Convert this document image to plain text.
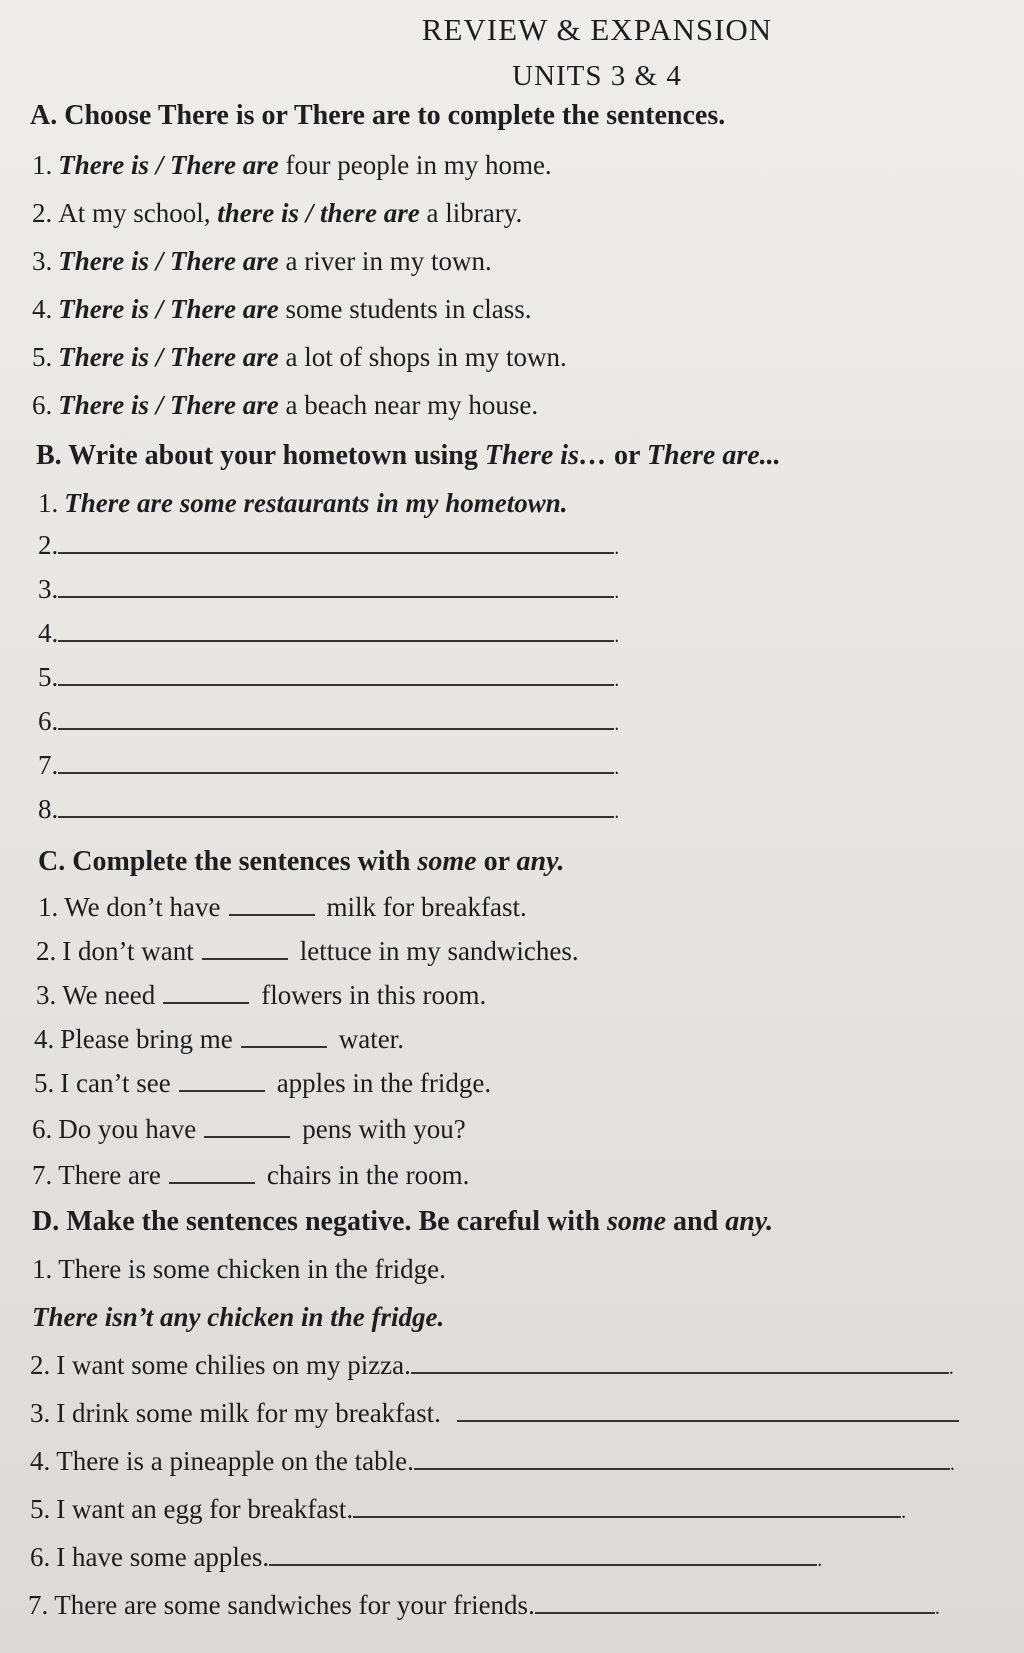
REVIEW & EXPANSION
UNITS 3 & 4
A. Choose There is or There are to complete the sentences.
1. There is / There are four people in my home.
2. At my school, there is / there are a library.
3. There is / There are a river in my town.
4. There is / There are some students in class.
5. There is / There are a lot of shops in my town.
6. There is / There are a beach near my house.
B. Write about your hometown using There is… or There are...
1. There are some restaurants in my hometown.
2.	.
3.	.
4.	.
5.	.
6.	.
7.	.
8.	.
C. Complete the sentences with some or any.
1. We don’t have	milk for breakfast.
2. I don’t want	lettuce in my sandwiches.
3. We need	flowers in this room.
4. Please bring me	water.
5. I can’t see	apples in the fridge.
6. Do you have	pens with you?
7. There are	chairs in the room.
D. Make the sentences negative. Be careful with some and any.
1. There is some chicken in the fridge.
There isn’t any chicken in the fridge.
2. I want some chilies on my pizza.	.
3. I drink some milk for my breakfast.
4. There is a pineapple on the table.	.
5. I want an egg for breakfast.	.
6. I have some apples.	.
7. There are some sandwiches for your friends.	.
